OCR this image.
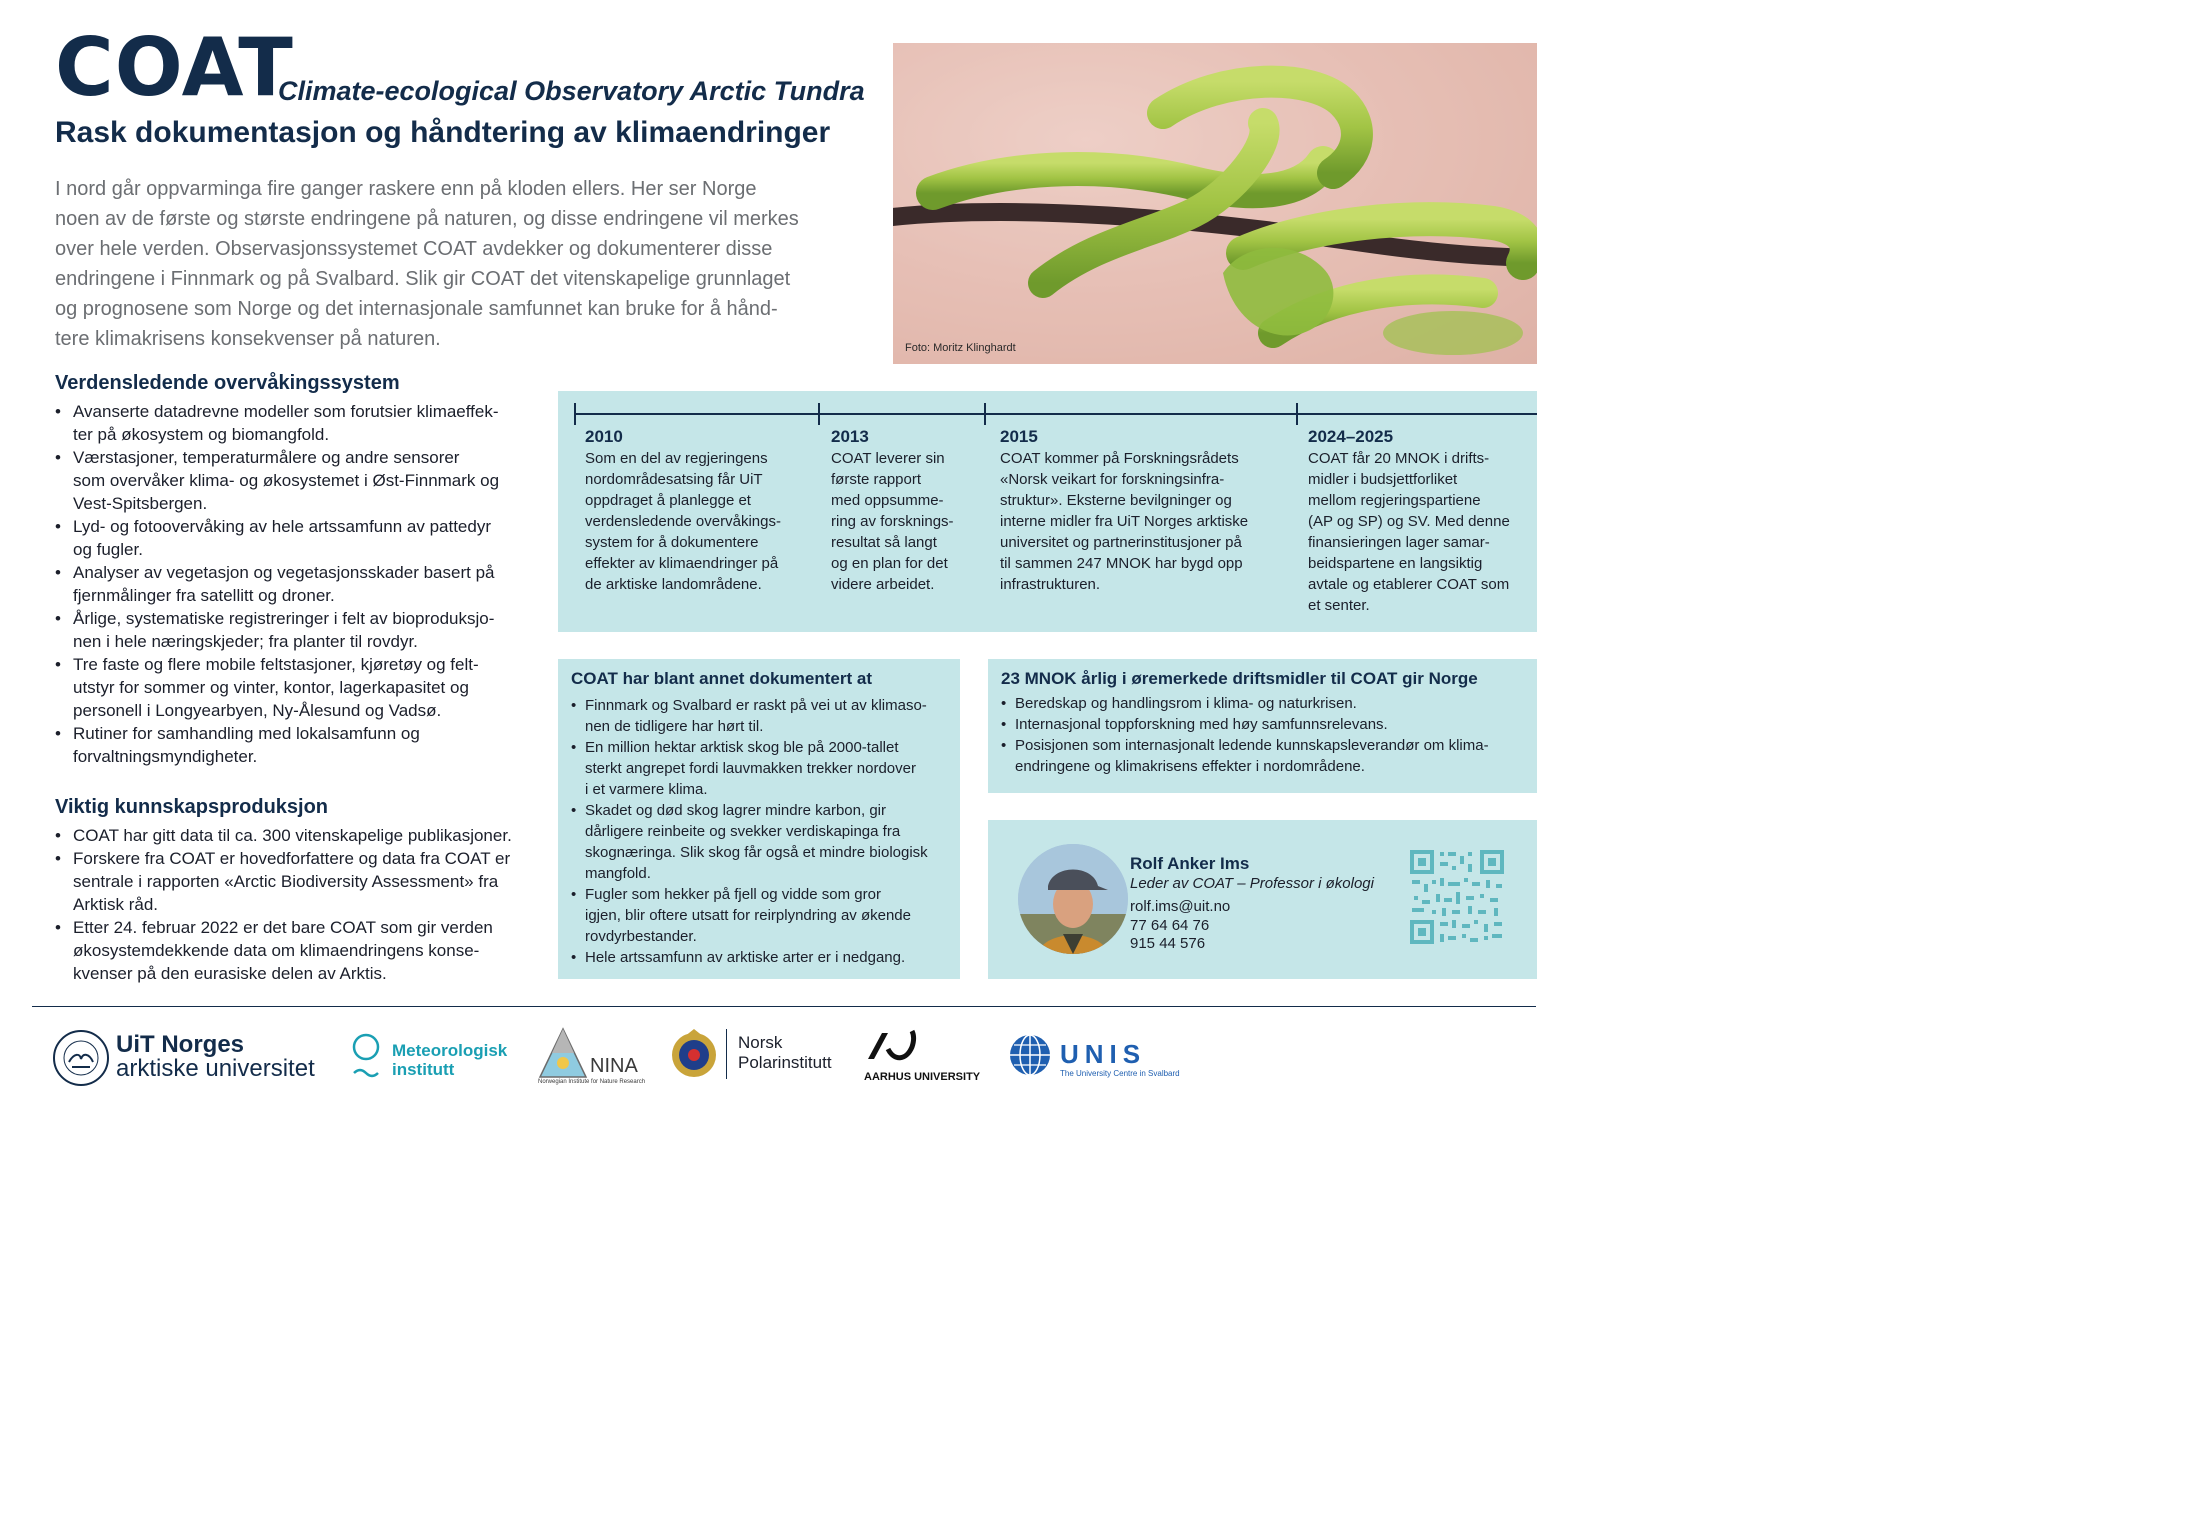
COAT
Climate-ecological Observatory Arctic Tundra
Rask dokumentasjon og håndtering av klimaendringer
I nord går oppvarminga fire ganger raskere enn på kloden ellers. Her ser Norge
noen av de første og største endringene på naturen, og disse endringene vil merkes
over hele verden. Observasjonssystemet COAT avdekker og dokumenterer disse
endringene i Finnmark og på Svalbard. Slik gir COAT det vitenskapelige grunnlaget
og prognosene som Norge og det internasjonale samfunnet kan bruke for å hånd-
tere klimakrisens konsekvenser på naturen.	Foto: Moritz Klinghardt
Verdensledende overvåkingssystem
• Avanserte datadrevne modeller som forutsier klimaeffek-
ter på økosystem og biomangfold.
• Værstasjoner, temperaturmålere og andre sensorer
som overvåker klima- og økosystemet i Øst-Finnmark og
Vest-Spitsbergen.
• Lyd- og fotoovervåking av hele artssamfunn av pattedyr
og fugler.
• Analyser av vegetasjon og vegetasjonsskader basert på
fjernmålinger fra satellitt og droner.
• Årlige, systematiske registreringer i felt av bioproduksjo-
nen i hele næringskjeder; fra planter til rovdyr.
• Tre faste og flere mobile feltstasjoner, kjøretøy og felt-
utstyr for sommer og vinter, kontor, lagerkapasitet og
personell i Longyearbyen, Ny-Ålesund og Vadsø.
• Rutiner for samhandling med lokalsamfunn og
forvaltningsmyndigheter.
Viktig kunnskapsproduksjon
• COAT har gitt data til ca. 300 vitenskapelige publikasjoner.
• Forskere fra COAT er hovedforfattere og data fra COAT er
sentrale i rapporten «Arctic Biodiversity Assessment» fra
Arktisk råd.
• Etter 24. februar 2022 er det bare COAT som gir verden
økosystemdekkende data om klimaendringens konse-
kvenser på den eurasiske delen av Arktis.
2010
Som en del av regjeringens
nordområdesatsing får UiT
oppdraget å planlegge et
verdensledende overvåkings-
system for å dokumentere
effekter av klimaendringer på
de arktiske landområdene.
2013
COAT leverer sin
første rapport
med oppsumme-
ring av forsknings-
resultat så langt
og en plan for det
videre arbeidet.
2015
COAT kommer på Forskningsrådets
«Norsk veikart for forskningsinfra-
struktur». Eksterne bevilgninger og
interne midler fra UiT Norges arktiske
universitet og partnerinstitusjoner på
til sammen 247 MNOK har bygd opp
infrastrukturen.
2024–2025
COAT får 20 MNOK i drifts-
midler i budsjettforliket
mellom regjeringspartiene
(AP og SP) og SV. Med denne
finansieringen lager samar-
beidspartene en langsiktig
avtale og etablerer COAT som
et senter.
COAT har blant annet dokumentert at
• Finnmark og Svalbard er raskt på vei ut av klimaso-
nen de tidligere har hørt til.
• En million hektar arktisk skog ble på 2000-tallet
sterkt angrepet fordi lauvmakken trekker nordover
i et varmere klima.
• Skadet og død skog lagrer mindre karbon, gir
dårligere reinbeite og svekker verdiskapinga fra
skognæringa. Slik skog får også et mindre biologisk
mangfold.
• Fugler som hekker på fjell og vidde som gror
igjen, blir oftere utsatt for reirplyndring av økende
rovdyrbestander.
• Hele artssamfunn av arktiske arter er i nedgang.
23 MNOK årlig i øremerkede driftsmidler til COAT gir Norge
• Beredskap og handlingsrom i klima- og naturkrisen.
• Internasjonal toppforskning med høy samfunnsrelevans.
• Posisjonen som internasjonalt ledende kunnskapsleverandør om klima-
endringene og klimakrisens effekter i nordområdene.
Rolf Anker Ims
Leder av COAT – Professor i økologi
rolf.ims@uit.no
77 64 64 76
915 44 576
UiT Norges
arktiske universitet
Meteorologisk
institutt	NINA
Norwegian Institute for Nature Research
Norsk
Polarinstitutt
AARHUS UNIVERSITY
UNIS
The University Centre in Svalbard
